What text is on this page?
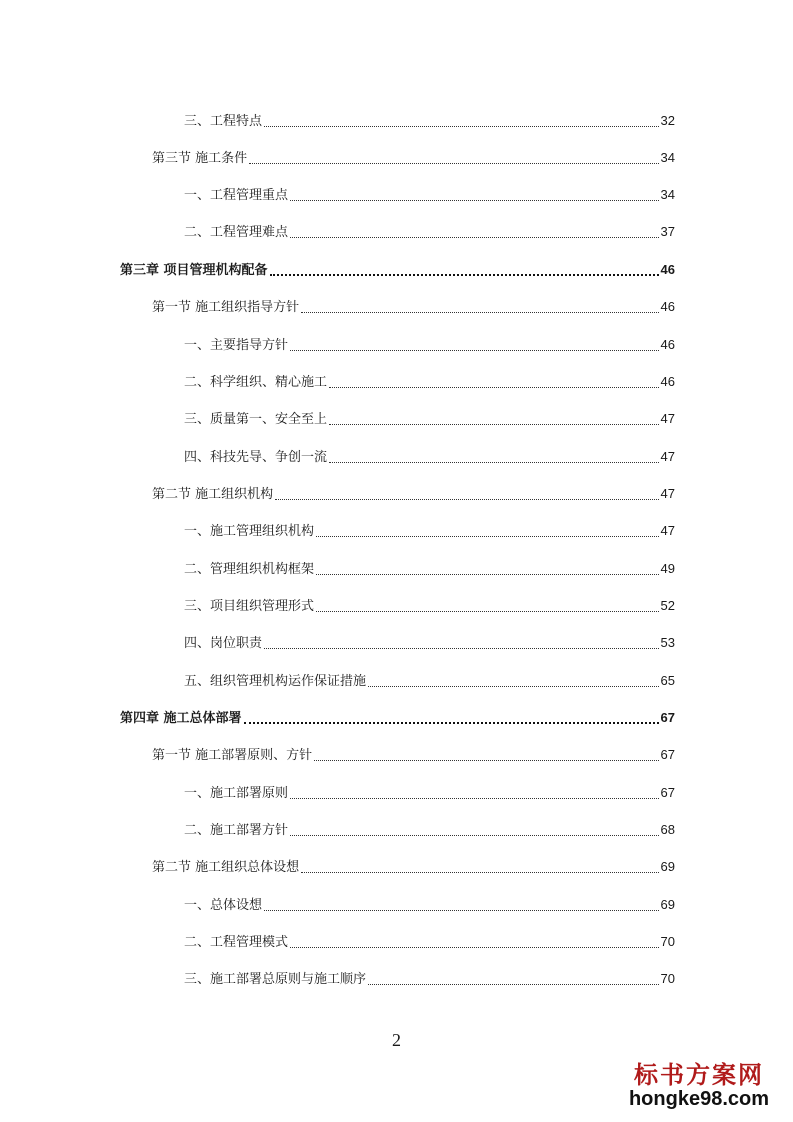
三、工程特点	32
第三节 施工条件	34
一、工程管理重点	34
二、工程管理难点	37
第三章 项目管理机构配备	46
第一节 施工组织指导方针	46
一、主要指导方针	46
二、科学组织、精心施工	46
三、质量第一、安全至上	47
四、科技先导、争创一流	47
第二节 施工组织机构	47
一、施工管理组织机构	47
二、管理组织机构框架	49
三、项目组织管理形式	52
四、岗位职责	53
五、组织管理机构运作保证措施	65
第四章 施工总体部署	67
第一节 施工部署原则、方针	67
一、施工部署原则	67
二、施工部署方针	68
第二节 施工组织总体设想	69
一、总体设想	69
二、工程管理模式	70
三、施工部署总原则与施工顺序	70
2
标书方案网
hongke98.com
